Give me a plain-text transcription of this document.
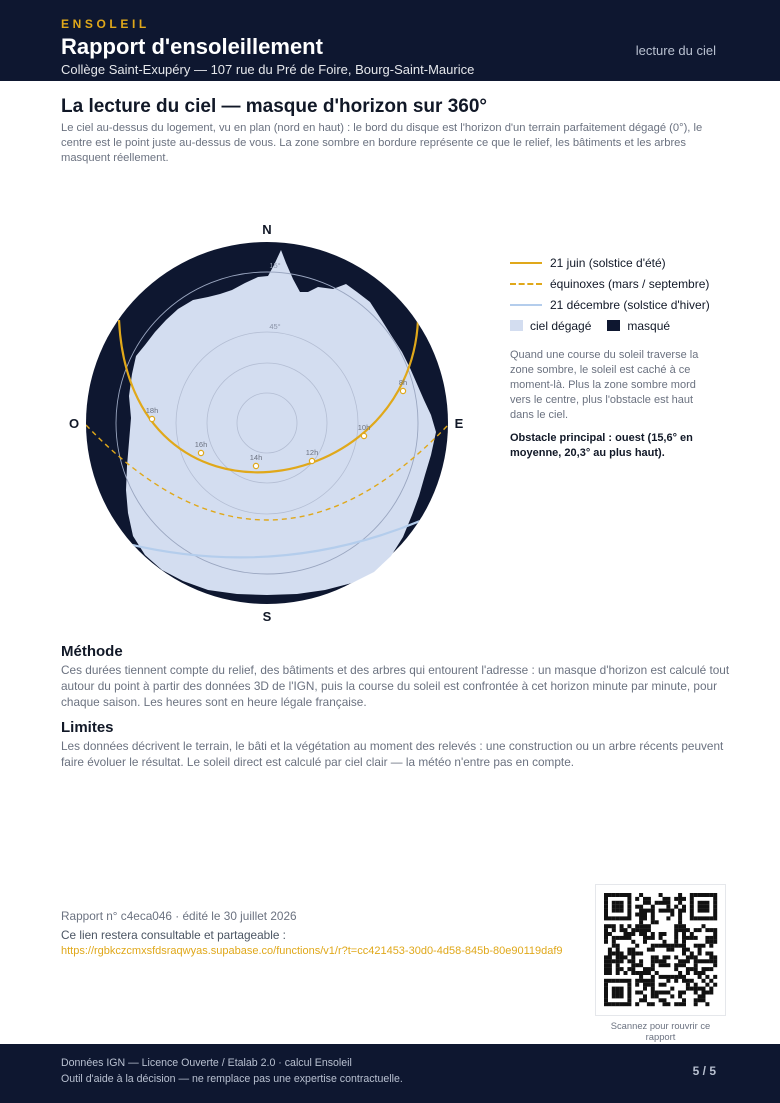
ENSOLEIL
Rapport d'ensoleillement
Collège Saint-Exupéry — 107 rue du Pré de Foire, Bourg-Saint-Maurice
lecture du ciel
La lecture du ciel — masque d'horizon sur 360°
Le ciel au-dessus du logement, vu en plan (nord en haut) : le bord du disque est l'horizon d'un terrain parfaitement dégagé (0°), le centre est le point juste au-dessus de vous. La zone sombre en bordure représente ce que le relief, les bâtiments et les arbres masquent réellement.
15°
45°
8h
10h
12h
14h
16h
18h
N
S
E
O
21 juin (solstice d'été)
équinoxes (mars / septembre)
21 décembre (solstice d'hiver)
ciel dégagé	masqué
Quand une course du soleil traverse la zone sombre, le soleil est caché à ce moment-là. Plus la zone sombre mord vers le centre, plus l'obstacle est haut dans le ciel.
Obstacle principal : ouest (15,6° en moyenne, 20,3° au plus haut).
Méthode
Ces durées tiennent compte du relief, des bâtiments et des arbres qui entourent l'adresse : un masque d'horizon est calculé tout autour du point à partir des données 3D de l'IGN, puis la course du soleil est confrontée à cet horizon minute par minute, pour chaque saison. Les heures sont en heure légale française.
Limites
Les données décrivent le terrain, le bâti et la végétation au moment des relevés : une construction ou un arbre récents peuvent faire évoluer le résultat. Le soleil direct est calculé par ciel clair — la météo n'entre pas en compte.
Rapport n° c4eca046 · édité le 30 juillet 2026
Ce lien restera consultable et partageable :
https://rgbkczcmxsfdsraqwyas.supabase.co/functions/v1/r?t=cc421453-30d0-4d58-845b-80e90119daf9
Scannez pour rouvrir ce rapport
Données IGN — Licence Ouverte / Etalab 2.0 · calcul Ensoleil
Outil d'aide à la décision — ne remplace pas une expertise contractuelle.
5 / 5
